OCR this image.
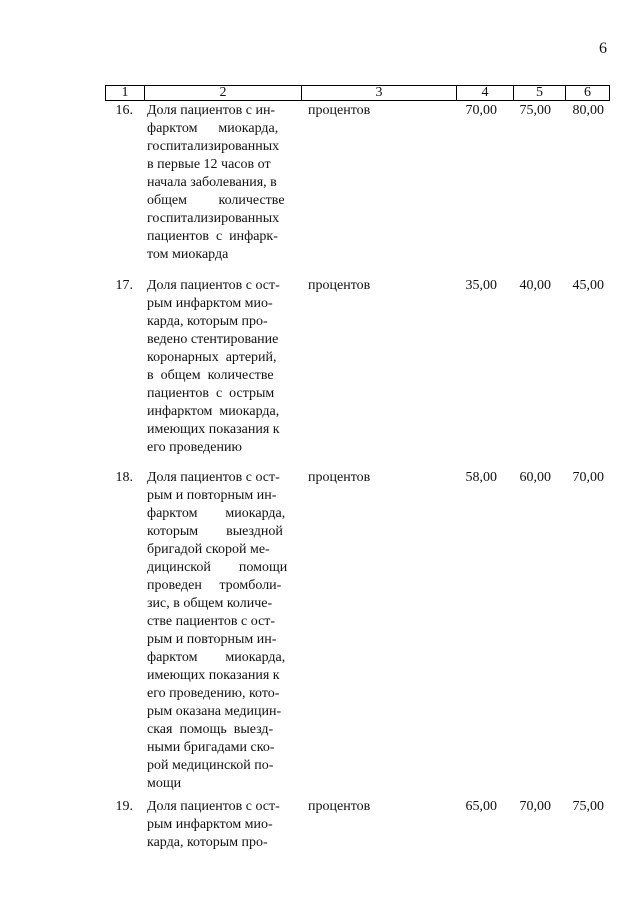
6
1	2	3	4	5	6
16. Доля пациентов с ин-
фарктом      миокарда,
госпитализированных
в первые 12 часов от
начала заболевания, в
общем         количестве
госпитализированных
пациентов  с  инфарк-
том миокарда
процентов	70,00	75,00	80,00
17. Доля пациентов с ост-
рым инфарктом мио-
карда, которым про-
ведено стентирование
коронарных  артерий,
в  общем  количестве
пациентов  с  острым
инфарктом  миокарда,
имеющих показания к
его проведению
процентов	35,00	40,00	45,00
18. Доля пациентов с ост-
рым и повторным ин-
фарктом        миокарда,
которым        выездной
бригадой скорой ме-
дицинской        помощи
проведен     тромболи-
зис, в общем количе-
стве пациентов с ост-
рым и повторным ин-
фарктом        миокарда,
имеющих показания к
его проведению, кото-
рым оказана медицин-
ская  помощь  выезд-
ными бригадами ско-
рой медицинской по-
мощи
процентов	58,00	60,00	70,00
19. Доля пациентов с ост-
рым инфарктом мио-
карда, которым про-
процентов	65,00	70,00	75,00
